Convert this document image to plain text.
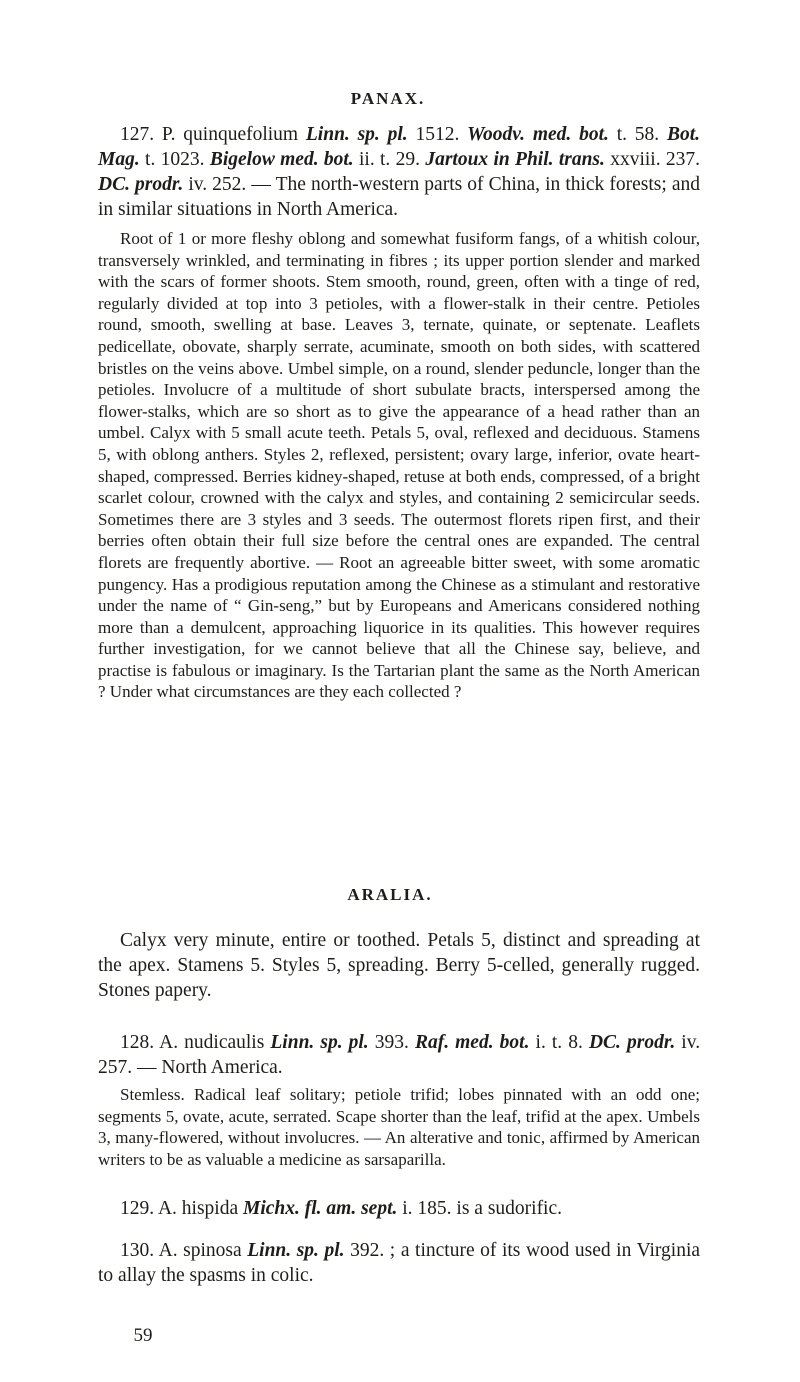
PANAX.

127. P. quinquefolium Linn. sp. pl. 1512. Woodv. med. bot. t. 58. Bot. Mag. t. 1023. Bigelow med. bot. ii. t. 29. Jartoux in Phil. trans. xxviii. 237. DC. prodr. iv. 252. — The north-western parts of China, in thick forests; and in similar situations in North America.

Root of 1 or more fleshy oblong and somewhat fusiform fangs, of a whitish colour, transversely wrinkled, and terminating in fibres ; its upper portion slender and marked with the scars of former shoots. Stem smooth, round, green, often with a tinge of red, regularly divided at top into 3 petioles, with a flower-stalk in their centre. Petioles round, smooth, swelling at base. Leaves 3, ternate, quinate, or septenate. Leaflets pedicellate, obovate, sharply serrate, acuminate, smooth on both sides, with scattered bristles on the veins above. Umbel simple, on a round, slender peduncle, longer than the petioles. Involucre of a multitude of short subulate bracts, interspersed among the flower-stalks, which are so short as to give the appearance of a head rather than an umbel. Calyx with 5 small acute teeth. Petals 5, oval, reflexed and deciduous. Stamens 5, with oblong anthers. Styles 2, reflexed, persistent; ovary large, inferior, ovate heart-shaped, compressed. Berries kidney-shaped, retuse at both ends, compressed, of a bright scarlet colour, crowned with the calyx and styles, and containing 2 semicircular seeds. Sometimes there are 3 styles and 3 seeds. The outermost florets ripen first, and their berries often obtain their full size before the central ones are expanded. The central florets are frequently abortive. — Root an agreeable bitter sweet, with some aromatic pungency. Has a prodigious reputation among the Chinese as a stimulant and restorative under the name of “ Gin-seng,” but by Europeans and Americans considered nothing more than a demulcent, approaching liquorice in its qualities. This however requires further investigation, for we cannot believe that all the Chinese say, believe, and practise is fabulous or imaginary. Is the Tartarian plant the same as the North American ? Under what circumstances are they each collected ?

ARALIA.

Calyx very minute, entire or toothed. Petals 5, distinct and spreading at the apex. Stamens 5. Styles 5, spreading. Berry 5-celled, generally rugged. Stones papery.

128. A. nudicaulis Linn. sp. pl. 393. Raf. med. bot. i. t. 8. DC. prodr. iv. 257. — North America.

Stemless. Radical leaf solitary; petiole trifid; lobes pinnated with an odd one; segments 5, ovate, acute, serrated. Scape shorter than the leaf, trifid at the apex. Umbels 3, many-flowered, without involucres. — An alterative and tonic, affirmed by American writers to be as valuable a medicine as sarsaparilla.

129. A. hispida Michx. fl. am. sept. i. 185. is a sudorific.

130. A. spinosa Linn. sp. pl. 392. ; a tincture of its wood used in Virginia to allay the spasms in colic.

59
